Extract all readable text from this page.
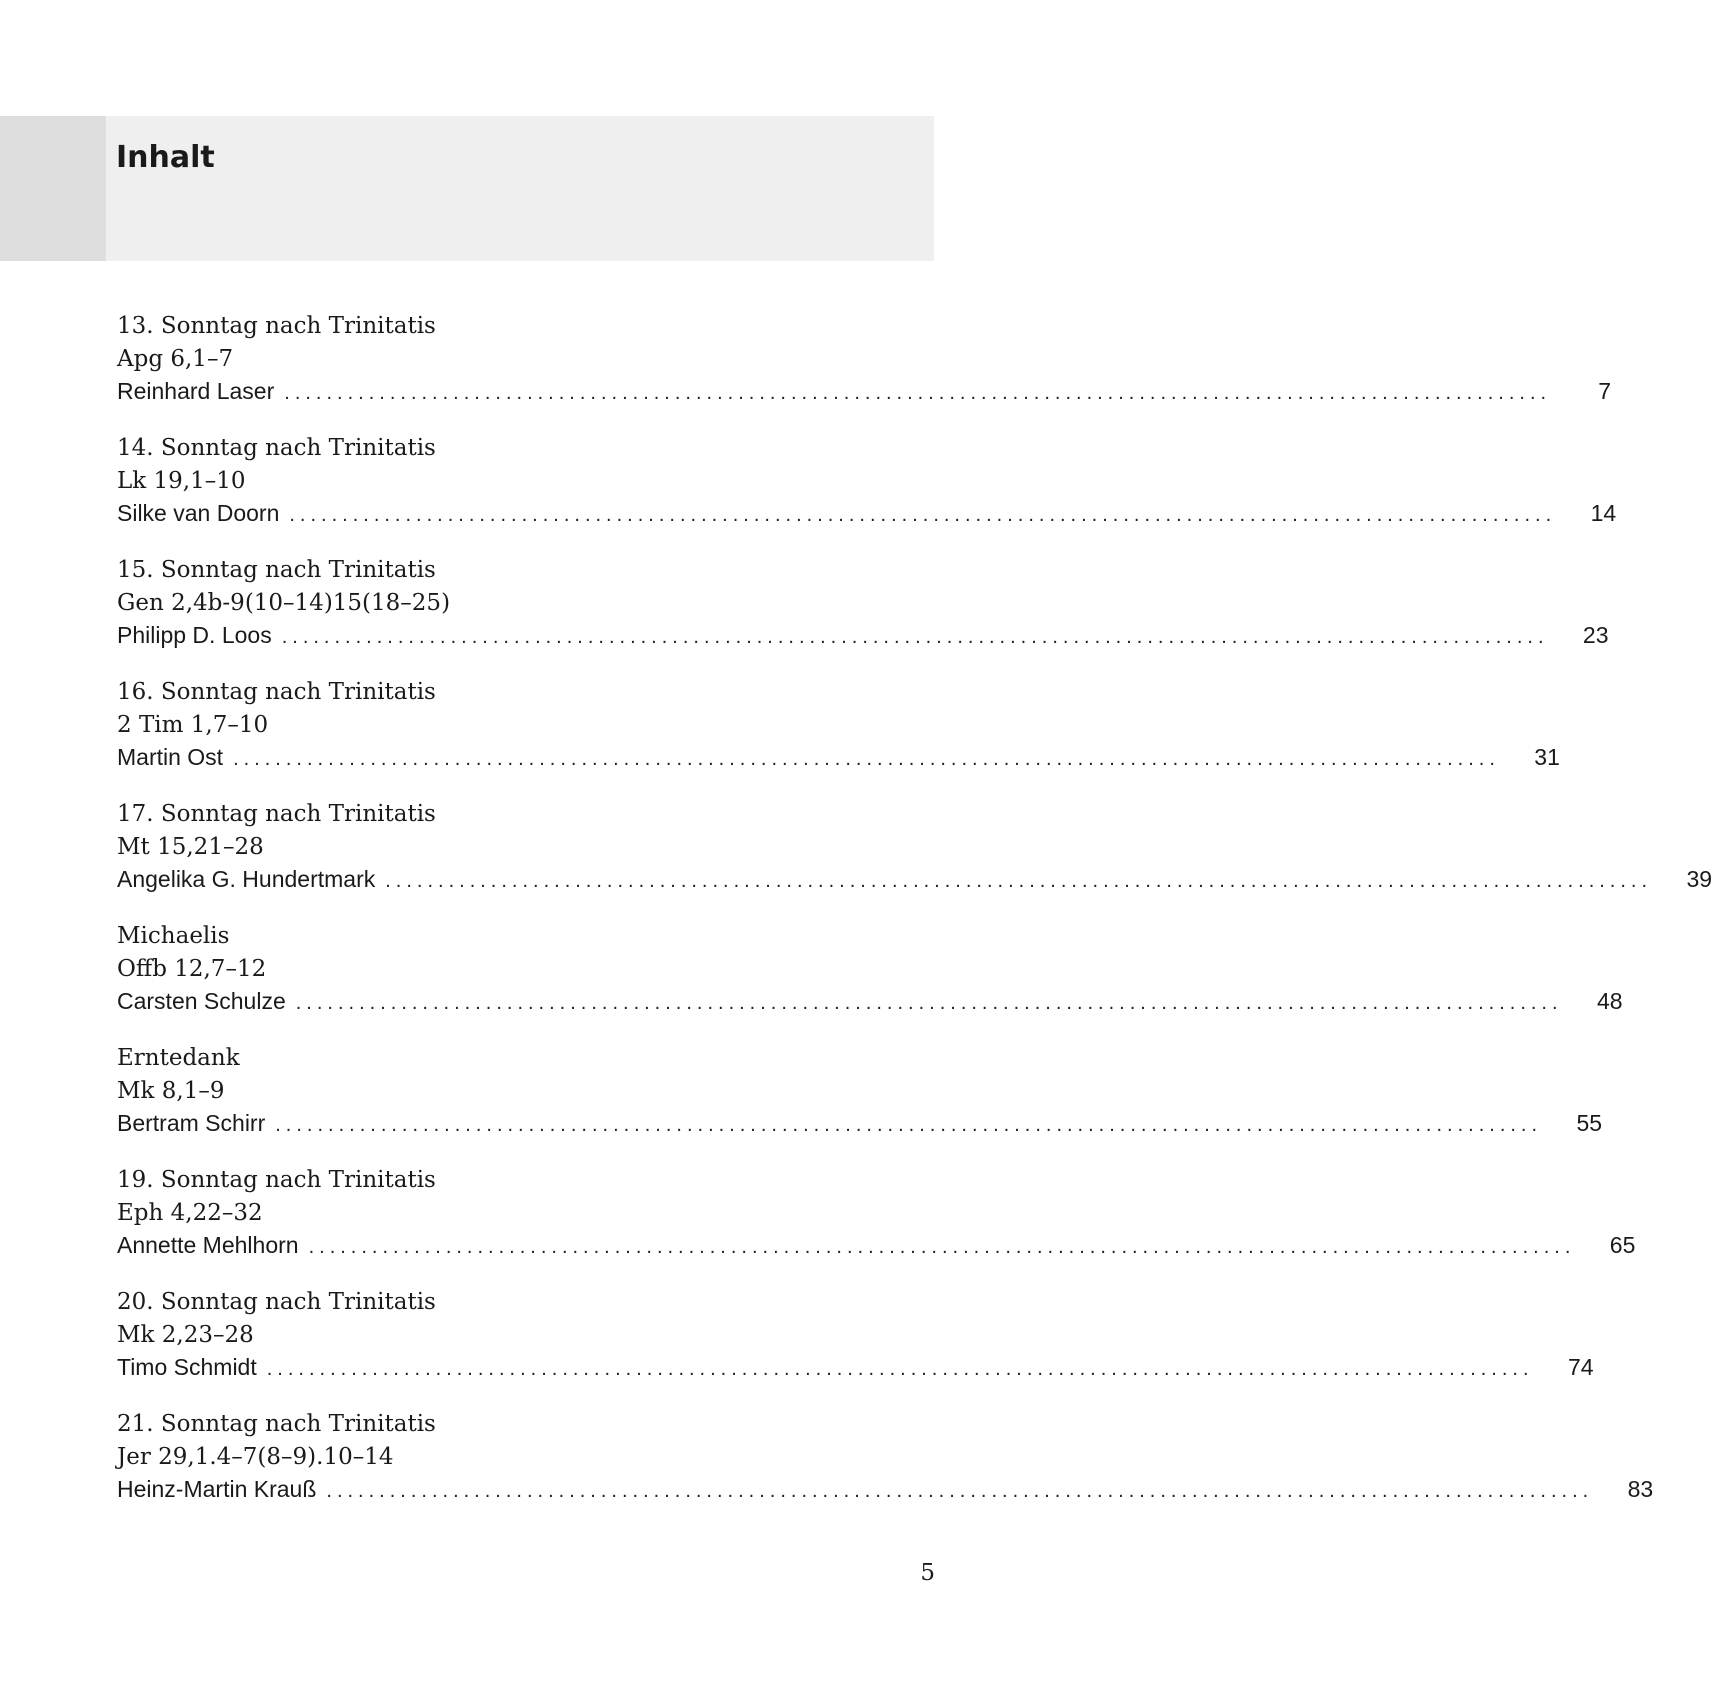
Inhalt
13. Sonntag nach Trinitatis
Apg 6,1–7
Reinhard Laser ........................................................................................................................	7
14. Sonntag nach Trinitatis
Lk 19,1–10
Silke van Doorn ........................................................................................................................	14
15. Sonntag nach Trinitatis
Gen 2,4b-9(10–14)15(18–25)
Philipp D. Loos ........................................................................................................................	23
16. Sonntag nach Trinitatis
2 Tim 1,7–10
Martin Ost ........................................................................................................................	31
17. Sonntag nach Trinitatis
Mt 15,21–28
Angelika G. Hundertmark ........................................................................................................................	39
Michaelis
Offb 12,7–12
Carsten Schulze ........................................................................................................................	48
Erntedank
Mk 8,1–9
Bertram Schirr ........................................................................................................................	55
19. Sonntag nach Trinitatis
Eph 4,22–32
Annette Mehlhorn ........................................................................................................................	65
20. Sonntag nach Trinitatis
Mk 2,23–28
Timo Schmidt ........................................................................................................................	74
21. Sonntag nach Trinitatis
Jer 29,1.4–7(8–9).10–14
Heinz-Martin Krauß ........................................................................................................................	83
5
